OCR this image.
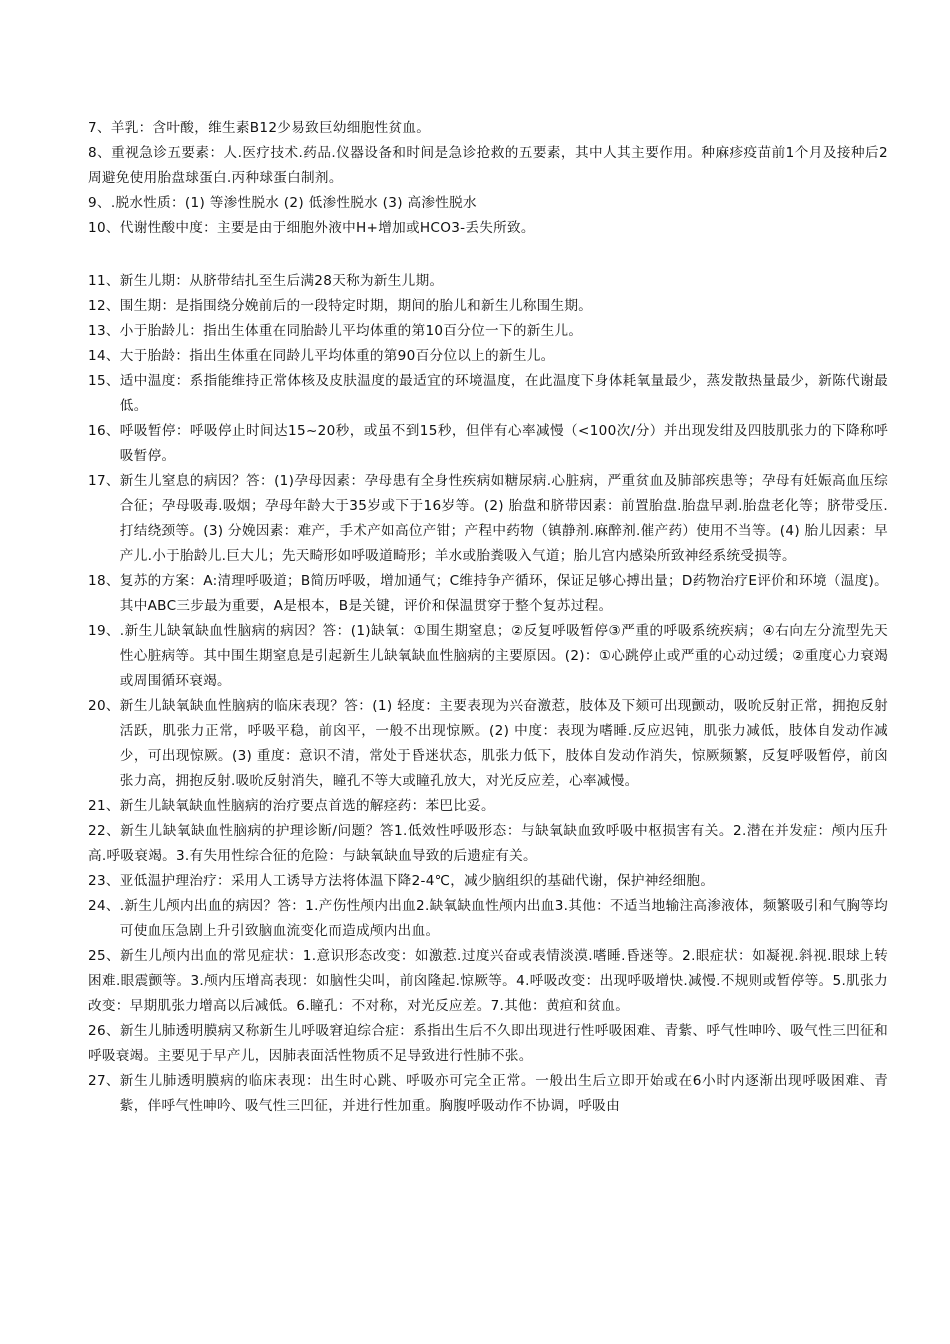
7、 羊乳：含叶酸，维生素B12少易致巨幼细胞性贫血。
8、重视急诊五要素：人.医疗技术.药品.仪器设备和时间是急诊抢救的五要素，其中人其主要作用。种麻疹疫苗前1个月及接种后2周避免使用胎盘球蛋白.丙种球蛋白制剂。
9、 .脱水性质：(1) 等渗性脱水 (2) 低渗性脱水 (3) 高渗性脱水
10、 代谢性酸中度：主要是由于细胞外液中H+增加或HCO3-丢失所致。
11、 新生儿期：从脐带结扎至生后满28天称为新生儿期。
12、 围生期：是指围绕分娩前后的一段特定时期，期间的胎儿和新生儿称围生期。
13、 小于胎龄儿：指出生体重在同胎龄儿平均体重的第10百分位一下的新生儿。
14、 大于胎龄：指出生体重在同龄儿平均体重的第90百分位以上的新生儿。
15、 适中温度：系指能维持正常体核及皮肤温度的最适宜的环境温度，在此温度下身体耗氧量最少，蒸发散热量最少，新陈代谢最低。
16、 呼吸暂停：呼吸停止时间达15~20秒，或虽不到15秒，但伴有心率减慢（<100次/分）并出现发绀及四肢肌张力的下降称呼吸暂停。
17、 新生儿窒息的病因？答：(1)孕母因素：孕母患有全身性疾病如糖尿病.心脏病，严重贫血及肺部疾患等；孕母有妊娠高血压综合征；孕母吸毒.吸烟；孕母年龄大于35岁或下于16岁等。(2) 胎盘和脐带因素：前置胎盘.胎盘早剥.胎盘老化等；脐带受压.打结绕颈等。(3) 分娩因素：难产，手术产如高位产钳；产程中药物（镇静剂.麻醉剂.催产药）使用不当等。(4) 胎儿因素：早产儿.小于胎龄儿.巨大儿；先天畸形如呼吸道畸形；羊水或胎粪吸入气道；胎儿宫内感染所致神经系统受损等。
18、 复苏的方案：A:清理呼吸道；B简历呼吸，增加通气；C维持争产循环，保证足够心搏出量；D药物治疗E评价和环境（温度)。其中ABC三步最为重要，A是根本，B是关键，评价和保温贯穿于整个复苏过程。
19、 .新生儿缺氧缺血性脑病的病因？答：(1)缺氧：①围生期窒息；②反复呼吸暂停③严重的呼吸系统疾病；④右向左分流型先天性心脏病等。其中围生期窒息是引起新生儿缺氧缺血性脑病的主要原因。(2)：①心跳停止或严重的心动过缓；②重度心力衰竭或周围循环衰竭。
20、 新生儿缺氧缺血性脑病的临床表现？答：(1) 轻度：主要表现为兴奋激惹，肢体及下颏可出现颤动，吸吮反射正常，拥抱反射活跃，肌张力正常，呼吸平稳，前囟平，一般不出现惊厥。(2) 中度：表现为嗜睡.反应迟钝，肌张力减低，肢体自发动作减少，可出现惊厥。(3) 重度：意识不清，常处于昏迷状态，肌张力低下，肢体自发动作消失，惊厥频繁，反复呼吸暂停，前囟张力高，拥抱反射.吸吮反射消失，瞳孔不等大或瞳孔放大，对光反应差，心率减慢。
21、 新生儿缺氧缺血性脑病的治疗要点首选的解痉药：苯巴比妥。
22、新生儿缺氧缺血性脑病的护理诊断/问题？答1.低效性呼吸形态：与缺氧缺血致呼吸中枢损害有关。2.潜在并发症：颅内压升高.呼吸衰竭。3.有失用性综合征的危险：与缺氧缺血导致的后遗症有关。
23、 亚低温护理治疗：采用人工诱导方法将体温下降2-4℃，减少脑组织的基础代谢，保护神经细胞。
24、 .新生儿颅内出血的病因？答：1.产伤性颅内出血2.缺氧缺血性颅内出血3.其他：不适当地输注高渗液体，频繁吸引和气胸等均可使血压急剧上升引致脑血流变化而造成颅内出血。
25、新生儿颅内出血的常见症状：1.意识形态改变：如激惹.过度兴奋或表情淡漠.嗜睡.昏迷等。2.眼症状：如凝视.斜视.眼球上转困难.眼震颤等。3.颅内压增高表现：如脑性尖叫，前囟隆起.惊厥等。4.呼吸改变：出现呼吸增快.减慢.不规则或暂停等。5.肌张力改变：早期肌张力增高以后减低。6.瞳孔：不对称，对光反应差。7.其他：黄疸和贫血。
26、新生儿肺透明膜病又称新生儿呼吸窘迫综合症：系指出生后不久即出现进行性呼吸困难、青紫、呼气性呻吟、吸气性三凹征和呼吸衰竭。主要见于早产儿，因肺表面活性物质不足导致进行性肺不张。
27、 新生儿肺透明膜病的临床表现：出生时心跳、呼吸亦可完全正常。一般出生后立即开始或在6小时内逐渐出现呼吸困难、青紫，伴呼气性呻吟、吸气性三凹征，并进行性加重。胸腹呼吸动作不协调，呼吸由
